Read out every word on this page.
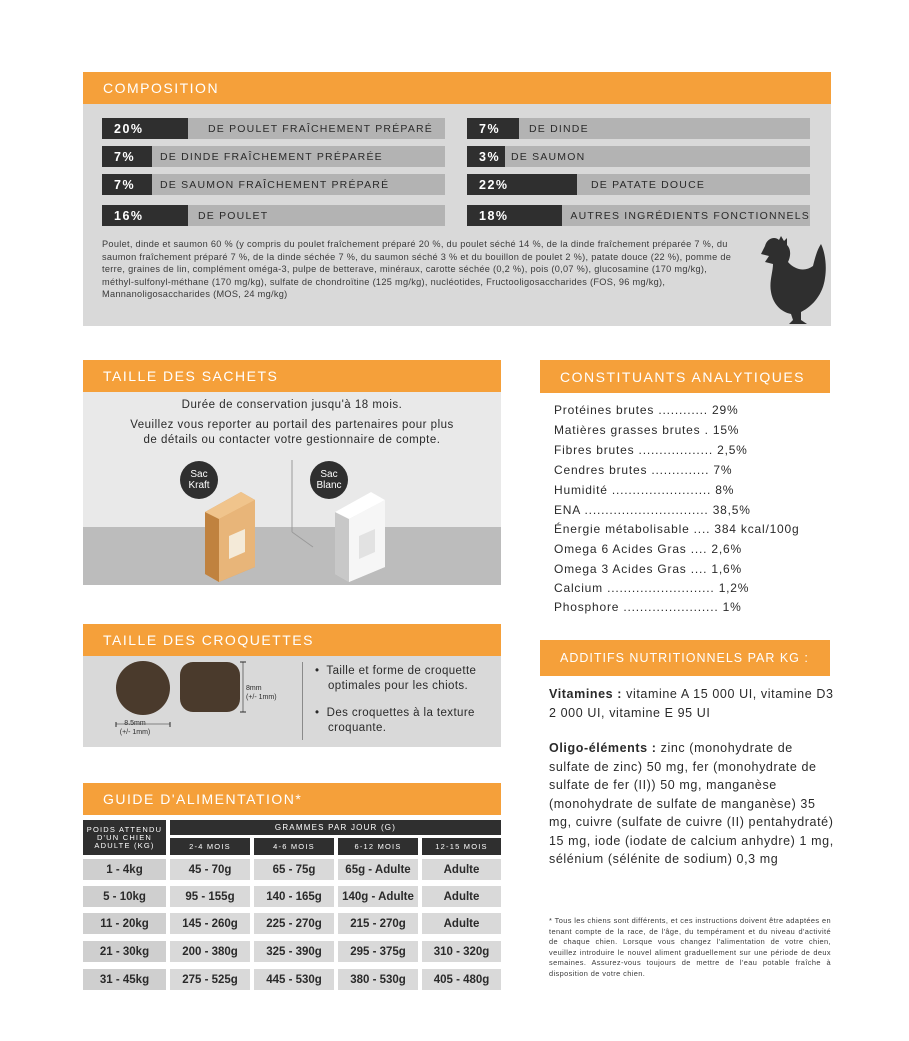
COMPOSITION
20%	DE POULET FRAÎCHEMENT PRÉPARÉ
7%	DE DINDE FRAÎCHEMENT PRÉPARÉE
7%	DE SAUMON FRAÎCHEMENT PRÉPARÉ
16%	DE POULET
7%	DE DINDE
3%	DE SAUMON
22%	DE PATATE DOUCE
18%	AUTRES INGRÉDIENTS FONCTIONNELS
Poulet, dinde et saumon 60 % (y compris du poulet fraîchement préparé 20 %, du poulet séché 14 %, de la dinde fraîchement préparée 7 %, du saumon fraîchement préparé 7 %, de la dinde séchée 7 %, du saumon séché 3 % et du bouillon de poulet 2 %), patate douce (22 %), pomme de terre, graines de lin, complément oméga-3, pulpe de betterave, minéraux, carotte séchée (0,2 %), pois (0,07 %), glucosamine (170 mg/kg), méthyl-sulfonyl-méthane (170 mg/kg), sulfate de chondroïtine (125 mg/kg), nucléotides, Fructooligosaccharides (FOS, 96 mg/kg), Mannanoligosaccharides (MOS, 24 mg/kg)
TAILLE DES SACHETS
Durée de conservation jusqu'à 18 mois.
Veuillez vous reporter au portail des partenaires pour plus
de détails ou contacter votre gestionnaire de compte.
Sac
Kraft
Sac
Blanc
TAILLE DES CROQUETTES
8.5mm
(+/- 1mm)
8mm
(+/- 1mm)
•  Taille et forme de croquette
optimales pour les chiots.
•  Des croquettes à la texture
croquante.
GUIDE D'ALIMENTATION*
POIDS ATTENDU
D'UN CHIEN
ADULTE (KG)
GRAMMES PAR JOUR (G)
2-4 MOIS	4-6 MOIS	6-12 MOIS	12-15 MOIS
1 - 4kg	45 - 70g	65 - 75g	65g - Adulte	Adulte
5 - 10kg	95 - 155g	140 - 165g	140g - Adulte	Adulte
11 - 20kg	145 - 260g	225 - 270g	215 - 270g	Adulte
21 - 30kg	200 - 380g	325 - 390g	295 - 375g	310 - 320g
31 - 45kg	275 - 525g	445 - 530g	380 - 530g	405 - 480g
CONSTITUANTS ANALYTIQUES
Protéines brutes ............ 29%
Matières grasses brutes . 15%
Fibres brutes .................. 2,5%
Cendres brutes .............. 7%
Humidité ........................ 8%
ENA .............................. 38,5%
Énergie métabolisable .... 384 kcal/100g
Omega 6 Acides Gras .... 2,6%
Omega 3 Acides Gras .... 1,6%
Calcium .......................... 1,2%
Phosphore ....................... 1%
ADDITIFS NUTRITIONNELS PAR KG :
Vitamines : vitamine A 15 000 UI, vitamine D3 2 000 UI, vitamine E 95 UI
Oligo-éléments : zinc (monohydrate de sulfate de zinc) 50 mg, fer (monohydrate de sulfate de fer (II)) 50 mg, manganèse (monohydrate de sulfate de manganèse) 35 mg, cuivre (sulfate de cuivre (II) pentahydraté) 15 mg, iode (iodate de calcium anhydre) 1 mg, sélénium (sélénite de sodium) 0,3 mg
* Tous les chiens sont différents, et ces instructions doivent être adaptées en tenant compte de la race, de l'âge, du tempérament et du niveau d'activité de chaque chien. Lorsque vous changez l'alimentation de votre chien, veuillez introduire le nouvel aliment graduellement sur une période de deux semaines. Assurez-vous toujours de mettre de l'eau potable fraîche à disposition de votre chien.
